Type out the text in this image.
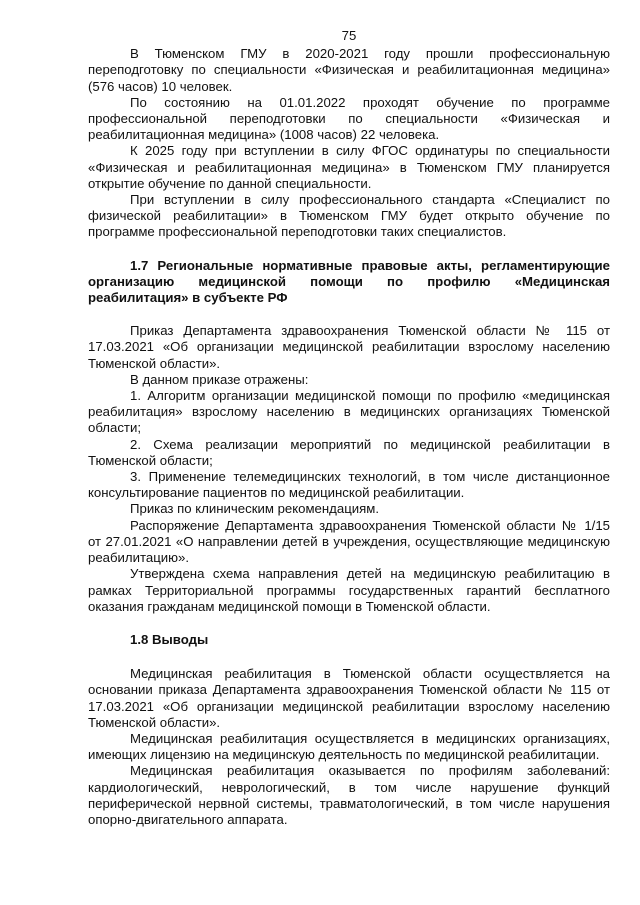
75

В Тюменском ГМУ в 2020-2021 году прошли профессиональную переподготовку по специальности «Физическая и реабилитационная медицина» (576 часов) 10 человек.

По состоянию на 01.01.2022 проходят обучение по программе профессиональной переподготовки по специальности «Физическая и реабилитационная медицина» (1008 часов) 22 человека.

К 2025 году при вступлении в силу ФГОС ординатуры по специальности «Физическая и реабилитационная медицина» в Тюменском ГМУ планируется открытие обучение по данной специальности.

При вступлении в силу профессионального стандарта «Специалист по физической реабилитации» в Тюменском ГМУ будет открыто обучение по программе профессиональной переподготовки таких специалистов.

1.7 Региональные нормативные правовые акты, регламентирующие организацию медицинской помощи по профилю «Медицинская реабилитация» в субъекте РФ

Приказ Департамента здравоохранения Тюменской области № 115 от 17.03.2021 «Об организации медицинской реабилитации взрослому населению Тюменской области».

В данном приказе отражены:

1. Алгоритм организации медицинской помощи по профилю «медицинская реабилитация» взрослому населению в медицинских организациях Тюменской области;

2. Схема реализации мероприятий по медицинской реабилитации в Тюменской области;

3. Применение телемедицинских технологий, в том числе дистанционное консультирование пациентов по медицинской реабилитации.

Приказ по клиническим рекомендациям.

Распоряжение Департамента здравоохранения Тюменской области № 1/15 от 27.01.2021 «О направлении детей в учреждения, осуществляющие медицинскую реабилитацию».

Утверждена схема направления детей на медицинскую реабилитацию в рамках Территориальной программы государственных гарантий бесплатного оказания гражданам медицинской помощи в Тюменской области.

1.8 Выводы

Медицинская реабилитация в Тюменской области осуществляется на основании приказа Департамента здравоохранения Тюменской области № 115 от 17.03.2021 «Об организации медицинской реабилитации взрослому населению Тюменской области».

Медицинская реабилитация осуществляется в медицинских организациях, имеющих лицензию на медицинскую деятельность по медицинской реабилитации.

Медицинская реабилитация оказывается по профилям заболеваний: кардиологический, неврологический, в том числе нарушение функций периферической нервной системы, травматологический, в том числе нарушения опорно-двигательного аппарата.
